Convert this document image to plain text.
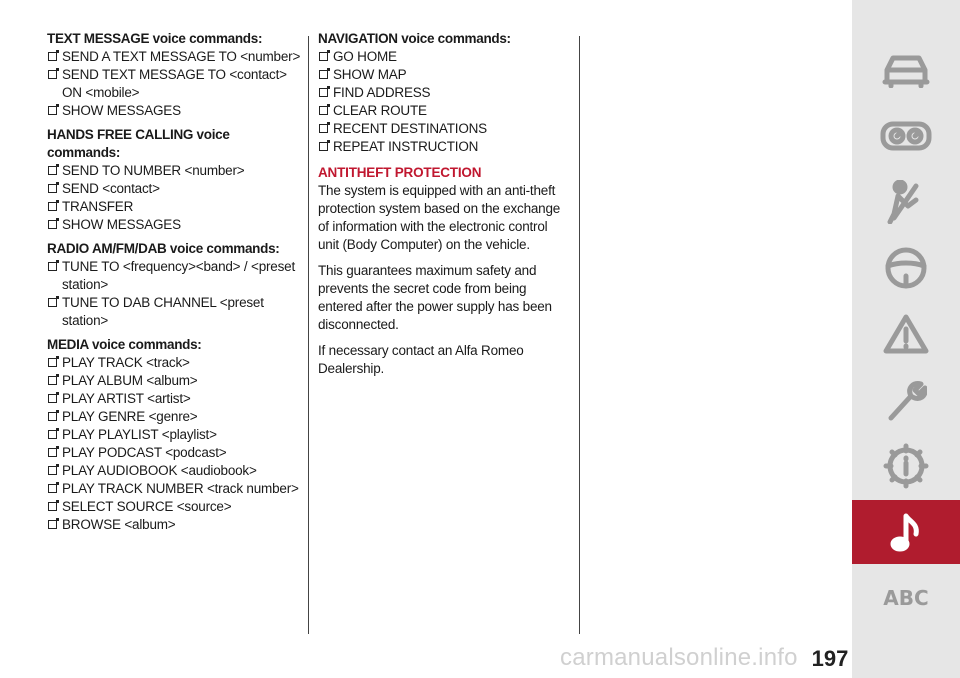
TEXT MESSAGE voice commands:
SEND A TEXT MESSAGE TO <number>
SEND TEXT MESSAGE TO <contact> ON <mobile>
SHOW MESSAGES
HANDS FREE CALLING voice commands:
SEND TO NUMBER <number>
SEND <contact>
TRANSFER
SHOW MESSAGES
RADIO AM/FM/DAB voice commands:
TUNE TO <frequency><band> / <preset station>
TUNE TO DAB CHANNEL <preset station>
MEDIA voice commands:
PLAY TRACK <track>
PLAY ALBUM <album>
PLAY ARTIST <artist>
PLAY GENRE <genre>
PLAY PLAYLIST <playlist>
PLAY PODCAST <podcast>
PLAY AUDIOBOOK <audiobook>
PLAY TRACK NUMBER <track number>
SELECT SOURCE <source>
BROWSE <album>
NAVIGATION voice commands:
GO HOME
SHOW MAP
FIND ADDRESS
CLEAR ROUTE
RECENT DESTINATIONS
REPEAT INSTRUCTION
ANTITHEFT PROTECTION

The system is equipped with an anti-theft protection system based on the exchange of information with the electronic control unit (Body Computer) on the vehicle.

This guarantees maximum safety and prevents the secret code from being entered after the power supply has been disconnected.

If necessary contact an Alfa Romeo Dealership.

ABC
197
carmanualsonline.info
